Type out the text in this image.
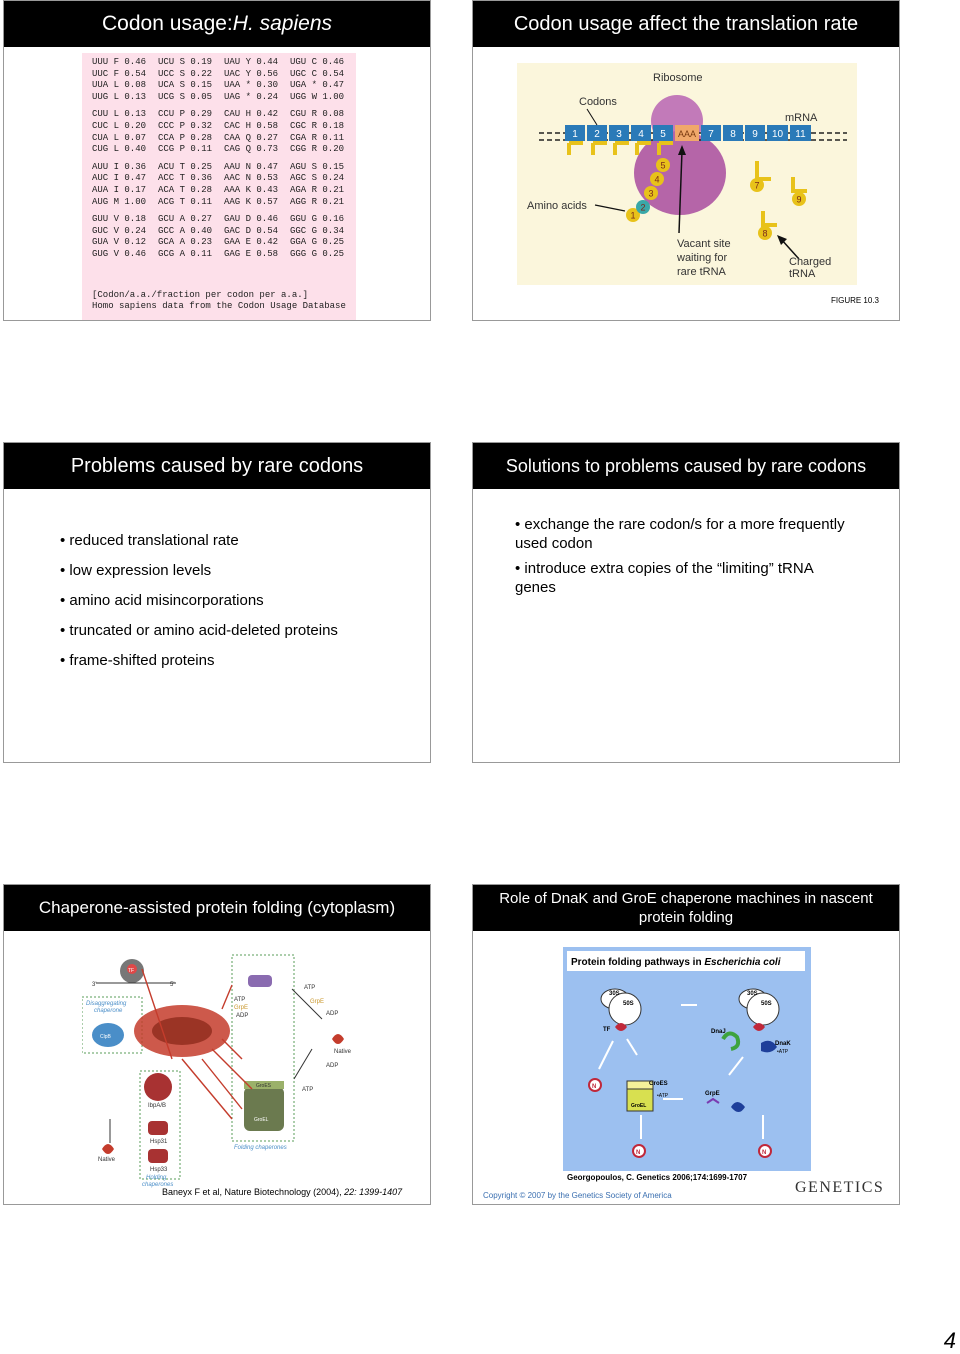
Codon usage: H. sapiens
UUU F 0.46	UCU S 0.19	UAU Y 0.44	UGU C 0.46
UUC F 0.54	UCC S 0.22	UAC Y 0.56	UGC C 0.54
UUA L 0.08	UCA S 0.15	UAA * 0.30	UGA * 0.47
UUG L 0.13	UCG S 0.05	UAG * 0.24	UGG W 1.00
CUU L 0.13	CCU P 0.29	CAU H 0.42	CGU R 0.08
CUC L 0.20	CCC P 0.32	CAC H 0.58	CGC R 0.18
CUA L 0.07	CCA P 0.28	CAA Q 0.27	CGA R 0.11
CUG L 0.40	CCG P 0.11	CAG Q 0.73	CGG R 0.20
AUU I 0.36	ACU T 0.25	AAU N 0.47	AGU S 0.15
AUC I 0.47	ACC T 0.36	AAC N 0.53	AGC S 0.24
AUA I 0.17	ACA T 0.28	AAA K 0.43	AGA R 0.21
AUG M 1.00	ACG T 0.11	AAG K 0.57	AGG R 0.21
GUU V 0.18	GCU A 0.27	GAU D 0.46	GGU G 0.16
GUC V 0.24	GCC A 0.40	GAC D 0.54	GGC G 0.34
GUA V 0.12	GCA A 0.23	GAA E 0.42	GGA G 0.25
GUG V 0.46	GCG A 0.11	GAG E 0.58	GGG G 0.25
[Codon/a.a./fraction per codon per a.a.]
Homo sapiens data from the Codon Usage Database
Codon usage affect the translation rate
1 2 3 4 5 AAA 7 8 9 10 11
1
2
3
4
5
7
8
9
Ribosome
Codons
mRNA
Amino acids
Vacant site
waiting for
rare tRNA
Charged
tRNA
FIGURE 10.3
Problems caused by rare codons
• reduced translational rate
• low expression levels
• amino acid misincorporations
• truncated or amino acid-deleted proteins
• frame-shifted proteins
Solutions to problems caused by rare codons
• exchange the rare codon/s for a more frequently used codon
• introduce extra copies of the “limiting” tRNA genes
Chaperone-assisted protein folding (cytoplasm)
TF
3'	5'
Disaggregating
chaperone
ClpB
IbpA/B
Hsp31
Hsp33
Holding
chaperones
Native
ATP
GrpE
ADP
ATP
GrpE
ADP
Native
ADP
ATP
GroEL
GroES
Folding chaperones
Baneyx F et al, Nature Biotechnology (2004), 22: 1399-1407
Role of DnaK and GroE chaperone machines in nascent protein folding
Protein folding pathways in Escherichia coli
30S
50S
30S
50S
TF	DnaJ
DnaK
•ATP
GroES
•ATP
GroEL
GrpE
N
N	N
Georgopoulos, C. Genetics 2006;174:1699-1707
Copyright © 2007 by the Genetics Society of America	GENETICS
4
